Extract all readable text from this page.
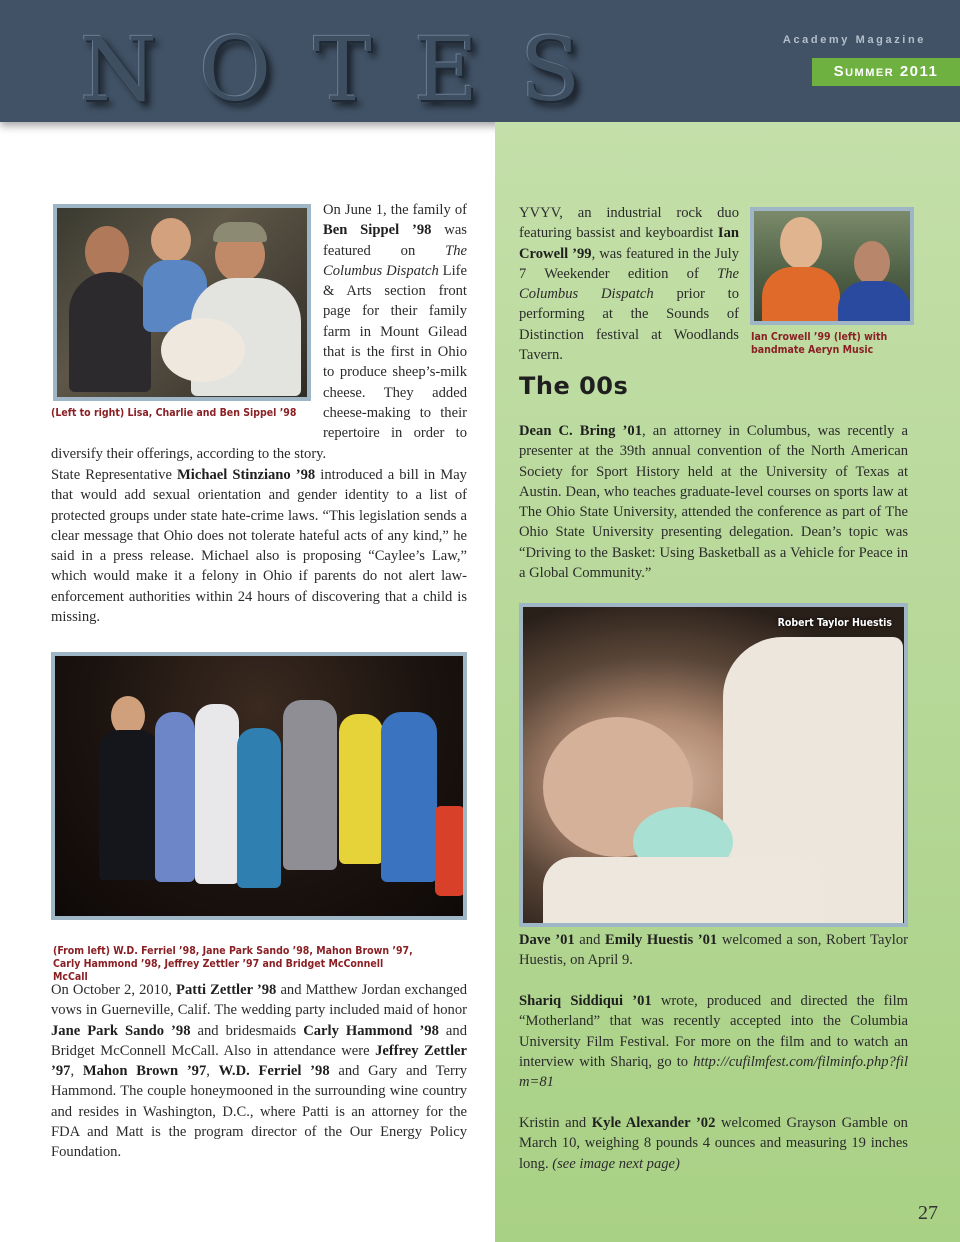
NOTES	Academy Magazine
Summer 2011
(Left to right) Lisa, Charlie and Ben Sippel ’98

On June 1, the family of Ben Sippel ’98 was featured on The Columbus Dispatch Life & Arts section front page for their family farm in Mount Gilead that is the first in Ohio to produce sheep’s-milk cheese. They added cheese-making to their repertoire in order to diversify their offerings, according to the story.

State Representative Michael Stinziano ’98 introduced a bill in May that would add sexual orientation and gender identity to a list of protected groups under state hate-crime laws. “This legislation sends a clear message that Ohio does not tolerate hateful acts of any kind,” he said in a press release. Michael also is proposing “Caylee’s Law,” which would make it a felony in Ohio if parents do not alert law-enforcement authorities within 24 hours of discovering that a child is missing.

(From left) W.D. Ferriel ’98, Jane Park Sando ’98, Mahon Brown ’97, Carly Hammond ’98, Jeffrey Zettler ’97 and Bridget McConnell McCall

On October 2, 2010, Patti Zettler ’98 and Matthew Jordan exchanged vows in Guerneville, Calif. The wedding party included maid of honor Jane Park Sando ’98 and bridesmaids Carly Hammond ’98 and Bridget McConnell McCall. Also in attendance were Jeffrey Zettler ’97, Mahon Brown ’97, W.D. Ferriel ’98 and Gary and Terry Hammond. The couple honeymooned in the surrounding wine country and resides in Washington, D.C., where Patti is an attorney for the FDA and Matt is the program director of the Our Energy Policy Foundation.

YVYV, an industrial rock duo featuring bassist and keyboardist Ian Crowell ’99, was featured in the July 7 Weekender edition of The Columbus Dispatch prior to performing at the Sounds of Distinction festival at Woodlands Tavern.

Ian Crowell ’99 (left) with bandmate Aeryn Music
The 00s

Dean C. Bring ’01, an attorney in Columbus, was recently a presenter at the 39th annual convention of the North American Society for Sport History held at the University of Texas at Austin. Dean, who teaches graduate-level courses on sports law at The Ohio State University, attended the conference as part of The Ohio State University presenting delegation. Dean’s topic was “Driving to the Basket: Using Basketball as a Vehicle for Peace in a Global Community.”

Robert Taylor Huestis

Dave ’01 and Emily Huestis ’01 welcomed a son, Robert Taylor Huestis, on April 9.

Shariq Siddiqui ’01 wrote, produced and directed the film “Motherland” that was recently accepted into the Columbia University Film Festival. For more on the film and to watch an interview with Shariq, go to http://cufilmfest.com/filminfo.php?film=81

Kristin and Kyle Alexander ’02 welcomed Grayson Gamble on March 10, weighing 8 pounds 4 ounces and measuring 19 inches long. (see image next page)

27
